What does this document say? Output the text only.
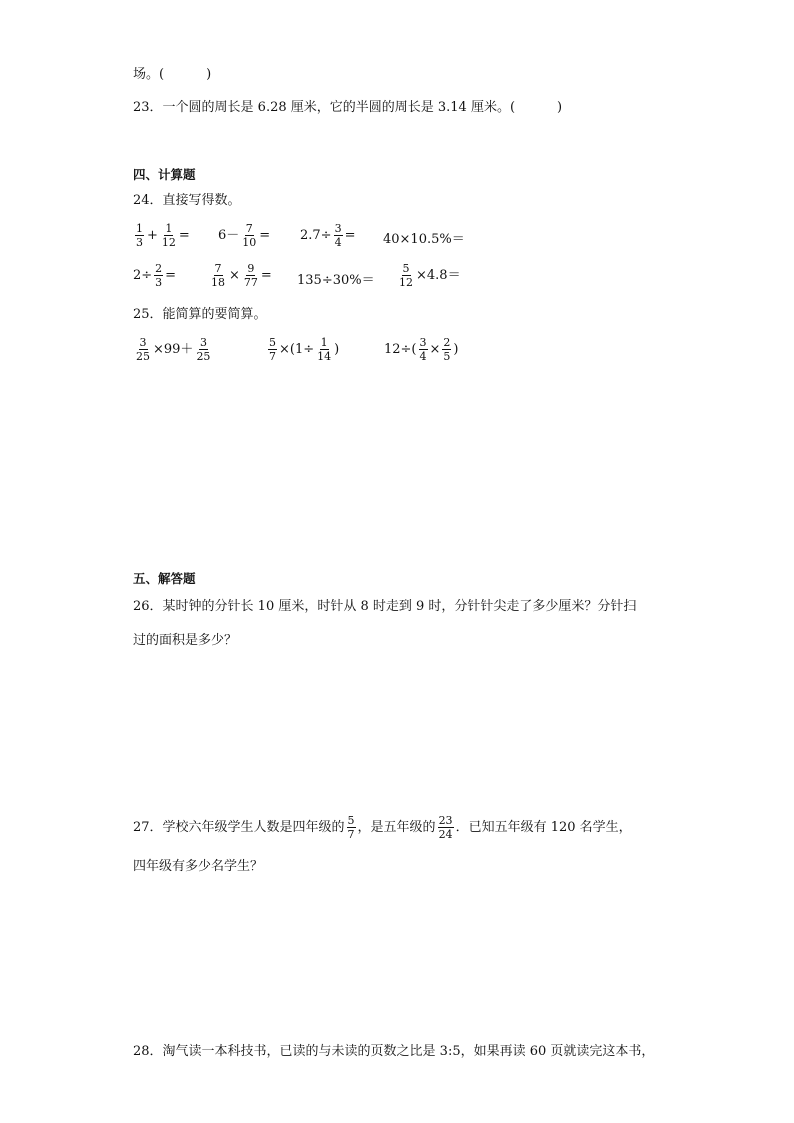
场。(	)
23．一个圆的周长是 6.28 厘米，它的半圆的周长是 3.14 厘米。(	)
四、计算题
24．直接写得数。
$\frac{1}{3} + \frac{1}{12} = 6- \frac{7}{10} = 2.7\div \frac{3}{4} = 40\times 10.5\%=$
$2\div \frac{2}{3}$ =	$\frac{7}{18} \times \frac{9}{77} = 135\div 30\%= \frac{5}{12} \times 4.8=$
25．能简算的要简算。
$\frac{3}{25} \times 99+ \frac{3}{25}$	$\frac{5}{7} \times(1\div \frac{1}{14}$ )	$12\div( \frac{3}{4} \times \frac{2}{5}$ )
五、解答题
26．某时钟的分针长 10 厘米，时针从 8 时走到 9 时，分针针尖走了多少厘米？分针扫
过的面积是多少？
27．学校六年级学生人数是四年级的 $\frac{5}{7}$ ，是五年级的 $\frac{23}{24}$ ．已知五年级有 120 名学生，
四年级有多少名学生？
28．淘气读一本科技书，已读的与未读的页数之比是 3:5，如果再读 60 页就读完这本书，
